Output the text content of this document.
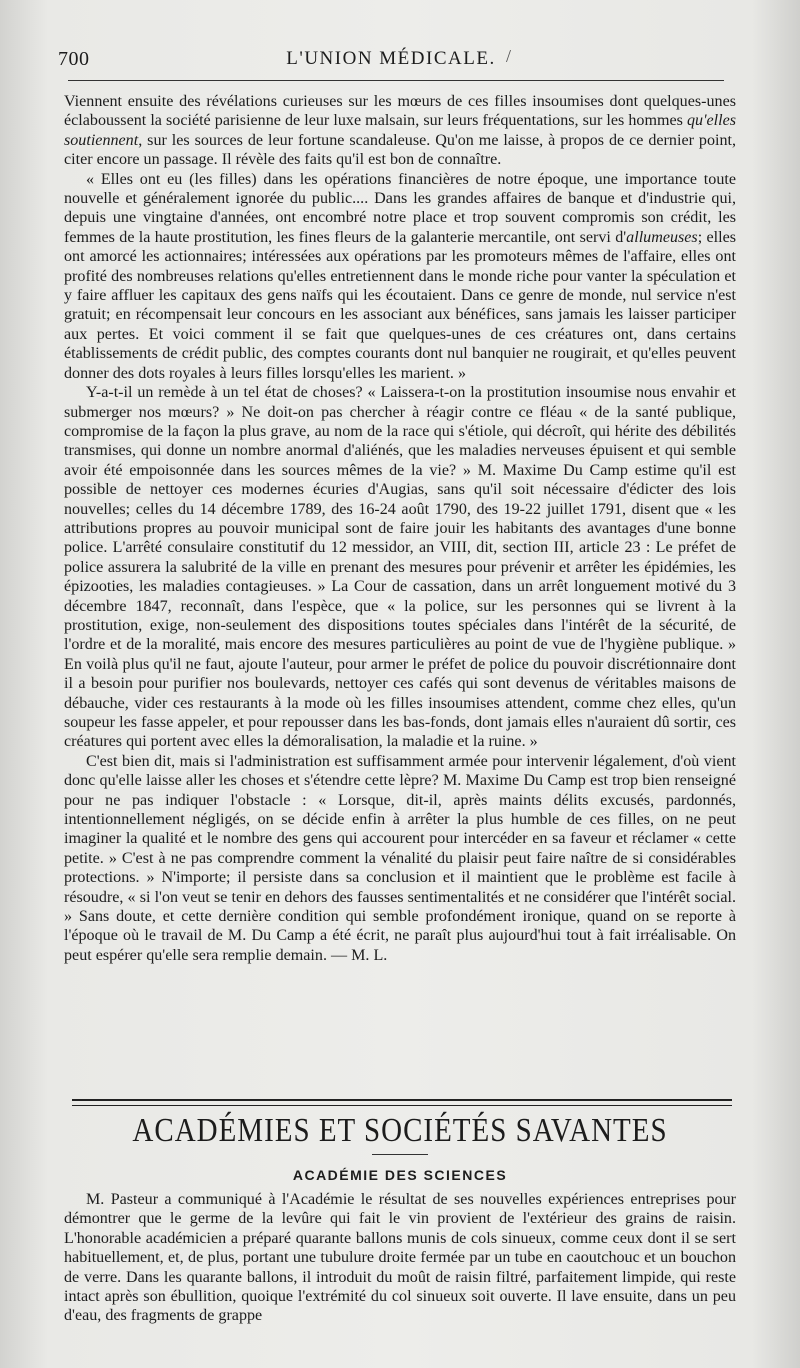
700	L'UNION MÉDICALE. /

Viennent ensuite des révélations curieuses sur les mœurs de ces filles insoumises dont quelques-unes éclaboussent la société parisienne de leur luxe malsain, sur leurs fréquentations, sur les hommes qu'elles soutiennent, sur les sources de leur fortune scandaleuse. Qu'on me laisse, à propos de ce dernier point, citer encore un passage. Il révèle des faits qu'il est bon de connaître.

« Elles ont eu (les filles) dans les opérations financières de notre époque, une importance toute nouvelle et généralement ignorée du public.... Dans les grandes affaires de banque et d'industrie qui, depuis une vingtaine d'années, ont encombré notre place et trop souvent compromis son crédit, les femmes de la haute prostitution, les fines fleurs de la galanterie mercantile, ont servi d'allumeuses; elles ont amorcé les actionnaires; intéressées aux opérations par les promoteurs mêmes de l'affaire, elles ont profité des nombreuses relations qu'elles entretiennent dans le monde riche pour vanter la spéculation et y faire affluer les capitaux des gens naïfs qui les écoutaient. Dans ce genre de monde, nul service n'est gratuit; en récompensait leur concours en les associant aux bénéfices, sans jamais les laisser participer aux pertes. Et voici comment il se fait que quelques-unes de ces créatures ont, dans certains établissements de crédit public, des comptes courants dont nul banquier ne rougirait, et qu'elles peuvent donner des dots royales à leurs filles lorsqu'elles les marient. »

Y-a-t-il un remède à un tel état de choses? « Laissera-t-on la prostitution insoumise nous envahir et submerger nos mœurs? » Ne doit-on pas chercher à réagir contre ce fléau « de la santé publique, compromise de la façon la plus grave, au nom de la race qui s'étiole, qui décroît, qui hérite des débilités transmises, qui donne un nombre anormal d'aliénés, que les maladies nerveuses épuisent et qui semble avoir été empoisonnée dans les sources mêmes de la vie? » M. Maxime Du Camp estime qu'il est possible de nettoyer ces modernes écuries d'Augias, sans qu'il soit nécessaire d'édicter des lois nouvelles; celles du 14 décembre 1789, des 16-24 août 1790, des 19-22 juillet 1791, disent que « les attributions propres au pouvoir municipal sont de faire jouir les habitants des avantages d'une bonne police. L'arrêté consulaire constitutif du 12 messidor, an VIII, dit, section III, article 23 : Le préfet de police assurera la salubrité de la ville en prenant des mesures pour prévenir et arrêter les épidémies, les épizooties, les maladies contagieuses. » La Cour de cassation, dans un arrêt longuement motivé du 3 décembre 1847, reconnaît, dans l'espèce, que « la police, sur les personnes qui se livrent à la prostitution, exige, non-seulement des dispositions toutes spéciales dans l'intérêt de la sécurité, de l'ordre et de la moralité, mais encore des mesures particulières au point de vue de l'hygiène publique. » En voilà plus qu'il ne faut, ajoute l'auteur, pour armer le préfet de police du pouvoir discrétionnaire dont il a besoin pour purifier nos boulevards, nettoyer ces cafés qui sont devenus de véritables maisons de débauche, vider ces restaurants à la mode où les filles insoumises attendent, comme chez elles, qu'un soupeur les fasse appeler, et pour repousser dans les bas-fonds, dont jamais elles n'auraient dû sortir, ces créatures qui portent avec elles la démoralisation, la maladie et la ruine. »

C'est bien dit, mais si l'administration est suffisamment armée pour intervenir légalement, d'où vient donc qu'elle laisse aller les choses et s'étendre cette lèpre? M. Maxime Du Camp est trop bien renseigné pour ne pas indiquer l'obstacle : « Lorsque, dit-il, après maints délits excusés, pardonnés, intentionnellement négligés, on se décide enfin à arrêter la plus humble de ces filles, on ne peut imaginer la qualité et le nombre des gens qui accourent pour intercéder en sa faveur et réclamer « cette petite. » C'est à ne pas comprendre comment la vénalité du plaisir peut faire naître de si considérables protections. » N'importe; il persiste dans sa conclusion et il maintient que le problème est facile à résoudre, « si l'on veut se tenir en dehors des fausses sentimentalités et ne considérer que l'intérêt social. » Sans doute, et cette dernière condition qui semble profondément ironique, quand on se reporte à l'époque où le travail de M. Du Camp a été écrit, ne paraît plus aujourd'hui tout à fait irréalisable. On peut espérer qu'elle sera remplie demain. — M. L.

ACADÉMIES ET SOCIÉTÉS SAVANTES
ACADÉMIE DES SCIENCES

M. Pasteur a communiqué à l'Académie le résultat de ses nouvelles expériences entreprises pour démontrer que le germe de la levûre qui fait le vin provient de l'extérieur des grains de raisin. L'honorable académicien a préparé quarante ballons munis de cols sinueux, comme ceux dont il se sert habituellement, et, de plus, portant une tubulure droite fermée par un tube en caoutchouc et un bouchon de verre. Dans les quarante ballons, il introduit du moût de raisin filtré, parfaitement limpide, qui reste intact après son ébullition, quoique l'extrémité du col sinueux soit ouverte. Il lave ensuite, dans un peu d'eau, des fragments de grappe
